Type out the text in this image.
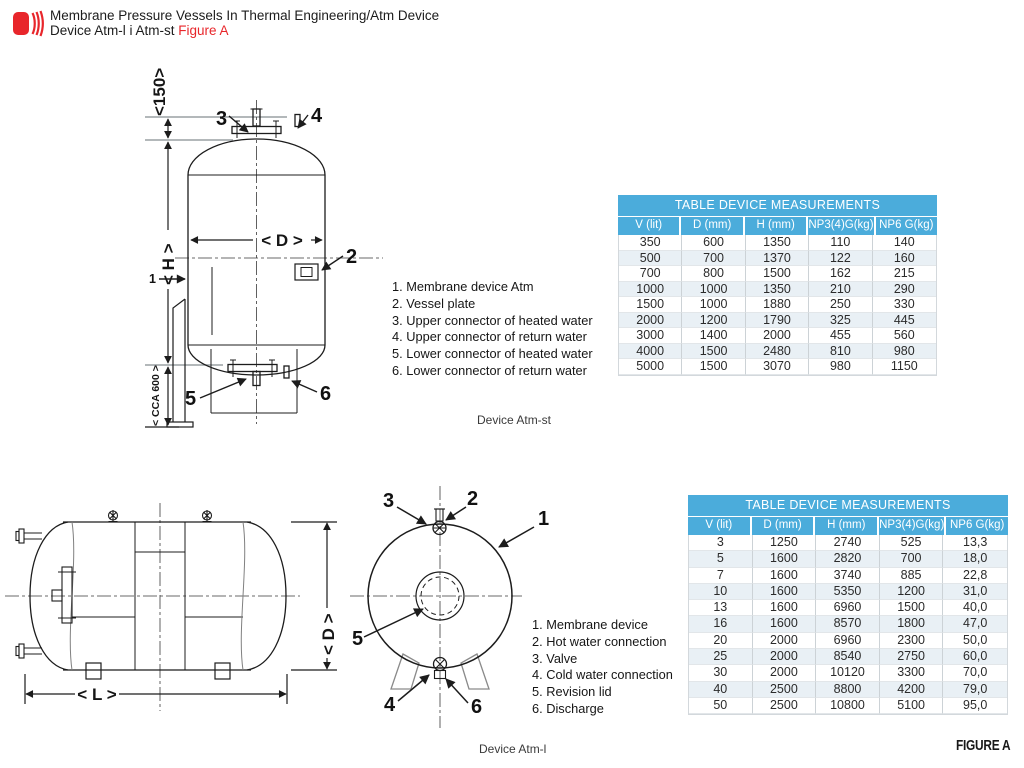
Membrane Pressure Vessels In Thermal Engineering/Atm Device
Device Atm-l i Atm-st Figure A
<150>
< H >
< CCA 600 >
< D >
3	4
2
1
5	6
1. Membrane device Atm
2. Vessel plate
3. Upper connector of heated water
4. Upper connector of return water
5. Lower connector of heated water
6. Lower connector of return water
TABLE DEVICE MEASUREMENTS
V (lit)	D (mm)	H (mm)	NP3(4)G(kg) NP6 G(kg)
350	600	1350	110	140
500	700	1370	122	160
700	800	1500	162	215
1000	1000	1350	210	290
1500	1000	1880	250	330
2000	1200	1790	325	445
3000	1400	2000	455	560
4000	1500	2480	810	980
5000	1500	3070	980	1150
Device Atm-st
< L >
< D >
3	2
1
5
4	6
1. Membrane device
2. Hot water connection
3. Valve
4. Cold water connection
5. Revision lid
6. Discharge
TABLE DEVICE MEASUREMENTS
V (lit)	D (mm)	H (mm)	NP3(4)G(kg) NP6 G(kg)
3	1250	2740	525	13,3
5	1600	2820	700	18,0
7	1600	3740	885	22,8
10	1600	5350	1200	31,0
13	1600	6960	1500	40,0
16	1600	8570	1800	47,0
20	2000	6960	2300	50,0
25	2000	8540	2750	60,0
30	2000	10120	3300	70,0
40	2500	8800	4200	79,0
50	2500	10800	5100	95,0
Device Atm-l	FIGURE A
